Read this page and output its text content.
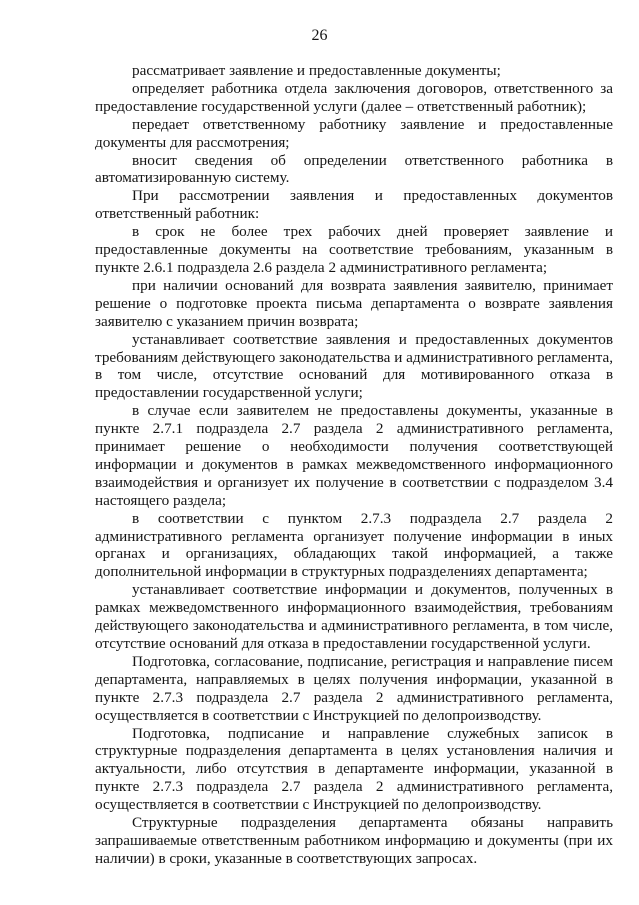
26

рассматривает заявление и предоставленные документы;

определяет работника отдела заключения договоров, ответственного за предоставление государственной услуги (далее – ответственный работник);

передает ответственному работнику заявление и предоставленные документы для рассмотрения;

вносит сведения об определении ответственного работника в автоматизированную систему.

При рассмотрении заявления и предоставленных документов ответственный работник:

в срок не более трех рабочих дней проверяет заявление и предоставленные документы на соответствие требованиям, указанным в пункте 2.6.1 подраздела 2.6 раздела 2 административного регламента;

при наличии оснований для возврата заявления заявителю, принимает решение о подготовке проекта письма департамента о возврате заявления заявителю с указанием причин возврата;

устанавливает соответствие заявления и предоставленных документов требованиям действующего законодательства и административного регламента, в том числе, отсутствие оснований для мотивированного отказа в предоставлении государственной услуги;

в случае если заявителем не предоставлены документы, указанные в пункте 2.7.1 подраздела 2.7 раздела 2 административного регламента, принимает решение о необходимости получения соответствующей информации и документов в рамках межведомственного информационного взаимодействия и организует их получение в соответствии с подразделом 3.4 настоящего раздела;

в соответствии с пунктом 2.7.3 подраздела 2.7 раздела 2 административного регламента организует получение информации в иных органах и организациях, обладающих такой информацией, а также дополнительной информации в структурных подразделениях департамента;

устанавливает соответствие информации и документов, полученных в рамках межведомственного информационного взаимодействия, требованиям действующего законодательства и административного регламента, в том числе, отсутствие оснований для отказа в предоставлении государственной услуги.

Подготовка, согласование, подписание, регистрация и направление писем департамента, направляемых в целях получения информации, указанной в пункте 2.7.3 подраздела 2.7 раздела 2 административного регламента, осуществляется в соответствии с Инструкцией по делопроизводству.

Подготовка, подписание и направление служебных записок в структурные подразделения департамента в целях установления наличия и актуальности, либо отсутствия в департаменте информации, указанной в пункте 2.7.3 подраздела 2.7 раздела 2 административного регламента, осуществляется в соответствии с Инструкцией по делопроизводству.

Структурные подразделения департамента обязаны направить запрашиваемые ответственным работником информацию и документы (при их наличии) в сроки, указанные в соответствующих запросах.
